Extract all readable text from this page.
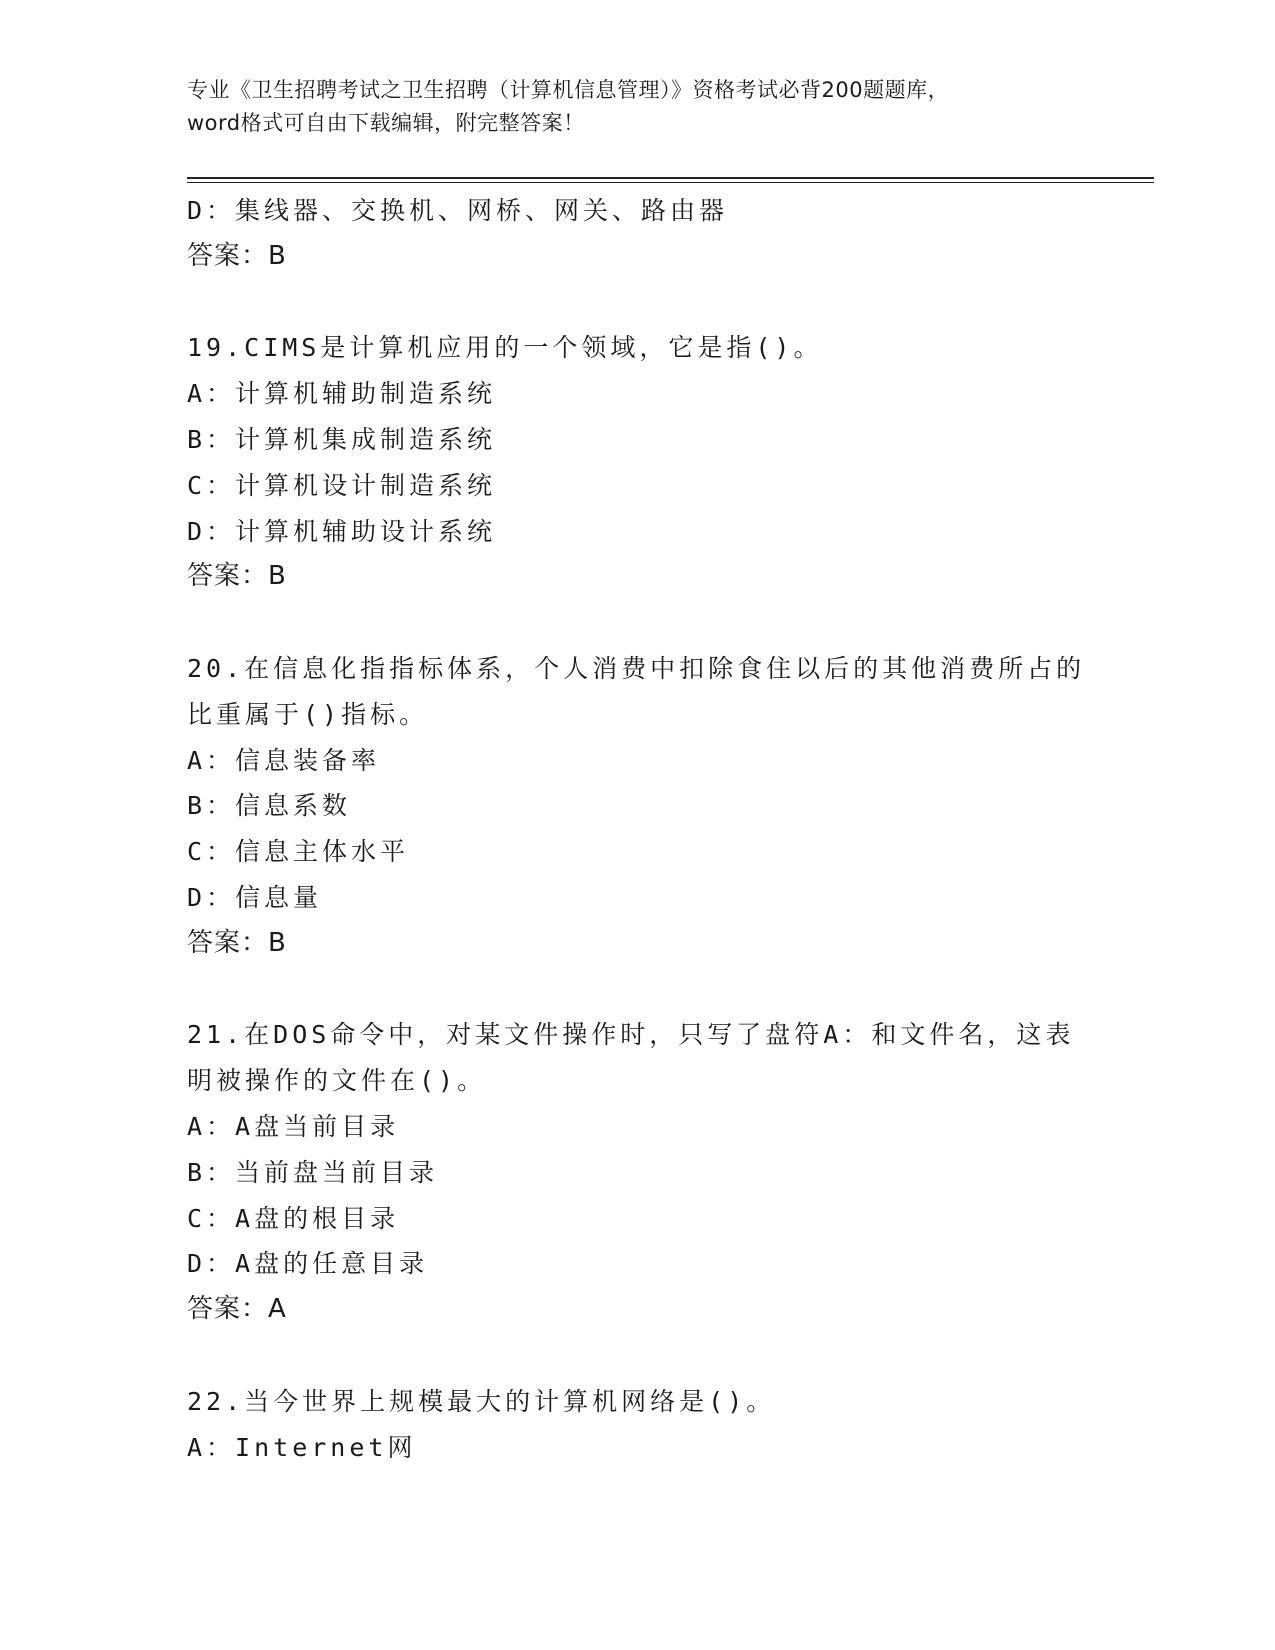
专业《卫生招聘考试之卫生招聘（计算机信息管理）》资格考试必背200题题库，
word格式可自由下载编辑，附完整答案！
D：集线器、交换机、网桥、网关、路由器
答案：B
19.CIMS是计算机应用的一个领域，它是指()。
A：计算机辅助制造系统
B：计算机集成制造系统
C：计算机设计制造系统
D：计算机辅助设计系统
答案：B
20.在信息化指指标体系，个人消费中扣除食住以后的其他消费所占的
比重属于()指标。
A：信息装备率
B：信息系数
C：信息主体水平
D：信息量
答案：B
21.在DOS命令中，对某文件操作时，只写了盘符A：和文件名，这表
明被操作的文件在()。
A：A盘当前目录
B：当前盘当前目录
C：A盘的根目录
D：A盘的任意目录
答案：A
22.当今世界上规模最大的计算机网络是()。
A：Internet网
